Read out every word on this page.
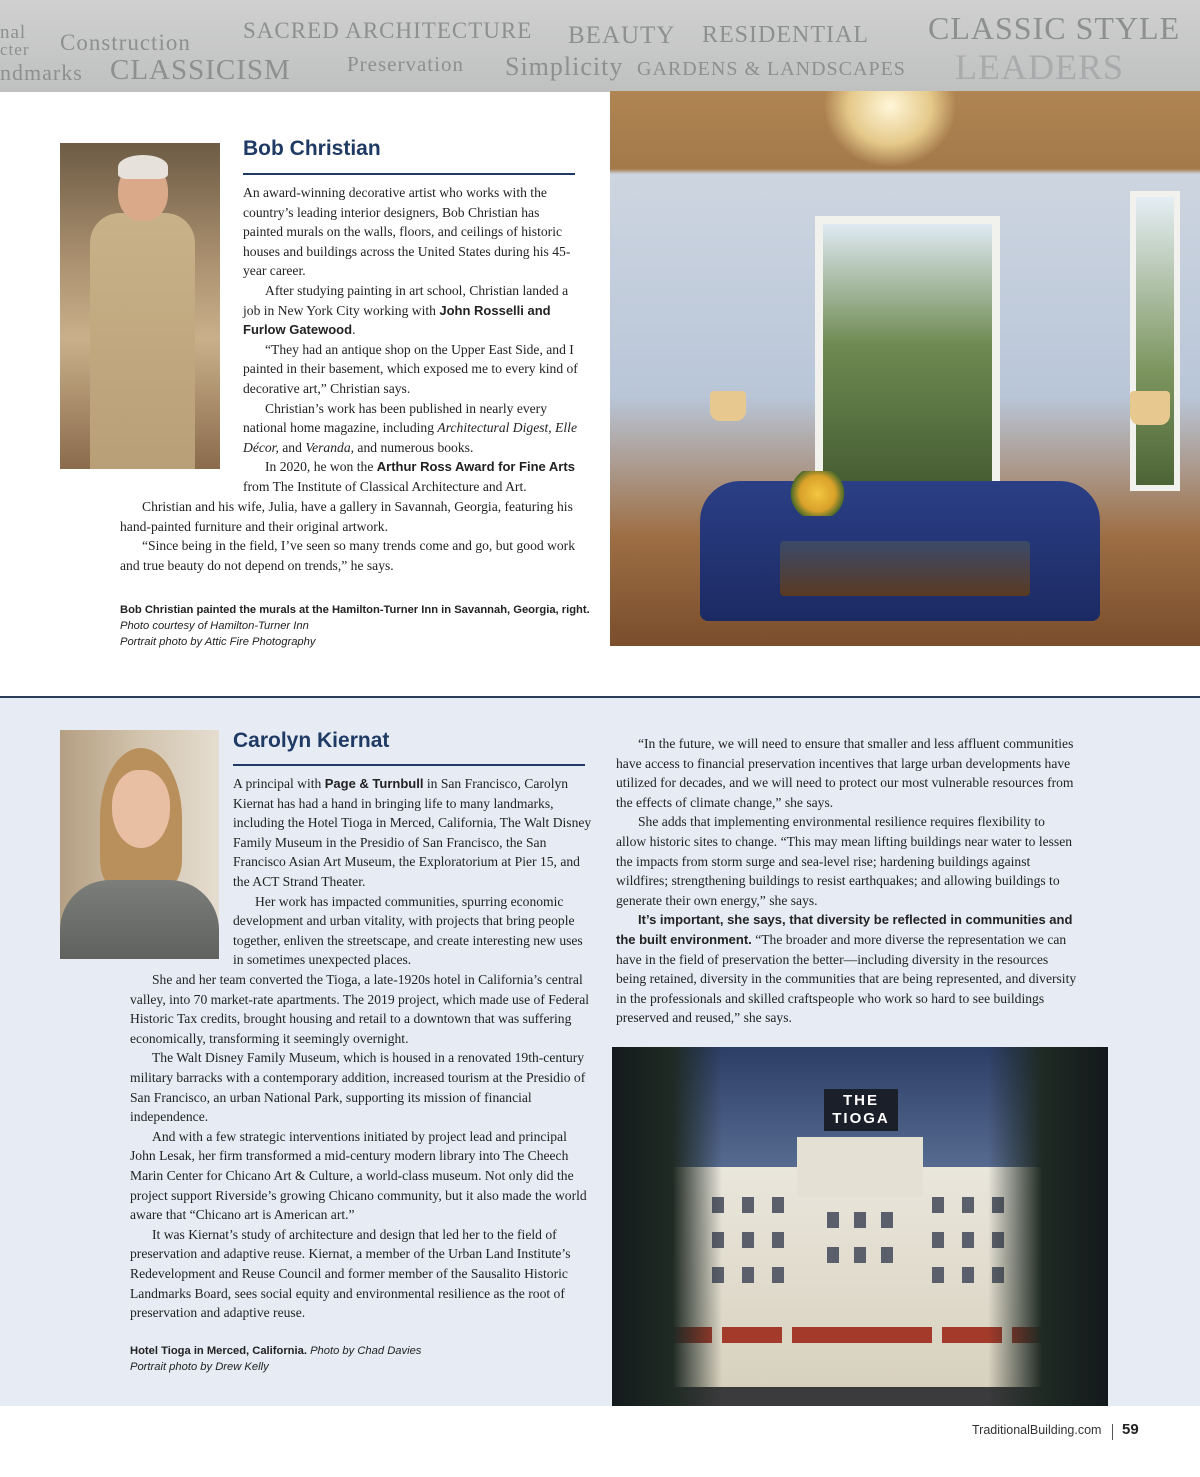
nal
cter Construction
ndmarks CLASSICISM
SACRED ARCHITECTURE
Preservation
BEAUTY RESIDENTIAL
Simplicity GARDENS & LANDSCAPES
CLASSIC STYLE
LEADERS
Bob Christian

An award-winning decorative artist who works with the country’s leading interior designers, Bob Christian has painted murals on the walls, floors, and ceilings of historic houses and buildings across the United States during his 45-year career.

After studying painting in art school, Christian landed a job in New York City working with John Rosselli and Furlow Gatewood.

“They had an antique shop on the Upper East Side, and I painted in their basement, which exposed me to every kind of decorative art,” Christian says.

Christian’s work has been published in nearly every national home magazine, including Architectural Digest, Elle Décor, and Veranda, and numerous books.

In 2020, he won the Arthur Ross Award for Fine Arts from The Institute of Classical Architecture and Art.

Christian and his wife, Julia, have a gallery in Savannah, Georgia, featuring his hand-painted furniture and their original artwork.

“Since being in the field, I’ve seen so many trends come and go, but good work and true beauty do not depend on trends,” he says.

Bob Christian painted the murals at the Hamilton-Turner Inn in Savannah, Georgia, right. Photo courtesy of Hamilton-Turner Inn
Portrait photo by Attic Fire Photography
Carolyn Kiernat

A principal with Page & Turnbull in San Francisco, Carolyn Kiernat has had a hand in bringing life to many landmarks, including the Hotel Tioga in Merced, California, The Walt Disney Family Museum in the Presidio of San Francisco, the San Francisco Asian Art Museum, the Exploratorium at Pier 15, and the ACT Strand Theater.

Her work has impacted communities, spurring economic development and urban vitality, with projects that bring people together, enliven the streetscape, and create interesting new uses in sometimes unexpected places.

She and her team converted the Tioga, a late-1920s hotel in California’s central valley, into 70 market-rate apartments. The 2019 project, which made use of Federal Historic Tax credits, brought housing and retail to a downtown that was suffering economically, transforming it seemingly overnight.

The Walt Disney Family Museum, which is housed in a renovated 19th-century military barracks with a contemporary addition, increased tourism at the Presidio of San Francisco, an urban National Park, supporting its mission of financial independence.

And with a few strategic interventions initiated by project lead and principal John Lesak, her firm transformed a mid-century modern library into The Cheech Marin Center for Chicano Art & Culture, a world-class museum. Not only did the project support Riverside’s growing Chicano community, but it also made the world aware that “Chicano art is American art.”

It was Kiernat’s study of architecture and design that led her to the field of preservation and adaptive reuse. Kiernat, a member of the Urban Land Institute’s Redevelopment and Reuse Council and former member of the Sausalito Historic Landmarks Board, sees social equity and environmental resilience as the root of preservation and adaptive reuse.

“In the future, we will need to ensure that smaller and less affluent communities have access to financial preservation incentives that large urban developments have utilized for decades, and we will need to protect our most vulnerable resources from the effects of climate change,” she says.

She adds that implementing environmental resilience requires flexibility to allow historic sites to change. “This may mean lifting buildings near water to lessen the impacts from storm surge and sea-level rise; hardening buildings against wildfires; strengthening buildings to resist earthquakes; and allowing buildings to generate their own energy,” she says.

It’s important, she says, that diversity be reflected in communities and the built environment. “The broader and more diverse the representation we can have in the field of preservation the better—including diversity in the resources being retained, diversity in the communities that are being represented, and diversity in the professionals and skilled craftspeople who work so hard to see buildings preserved and reused,” she says.

Hotel Tioga in Merced, California. Photo by Chad Davies
Portrait photo by Drew Kelly
THE
TIOGA
TraditionalBuilding.com 59
